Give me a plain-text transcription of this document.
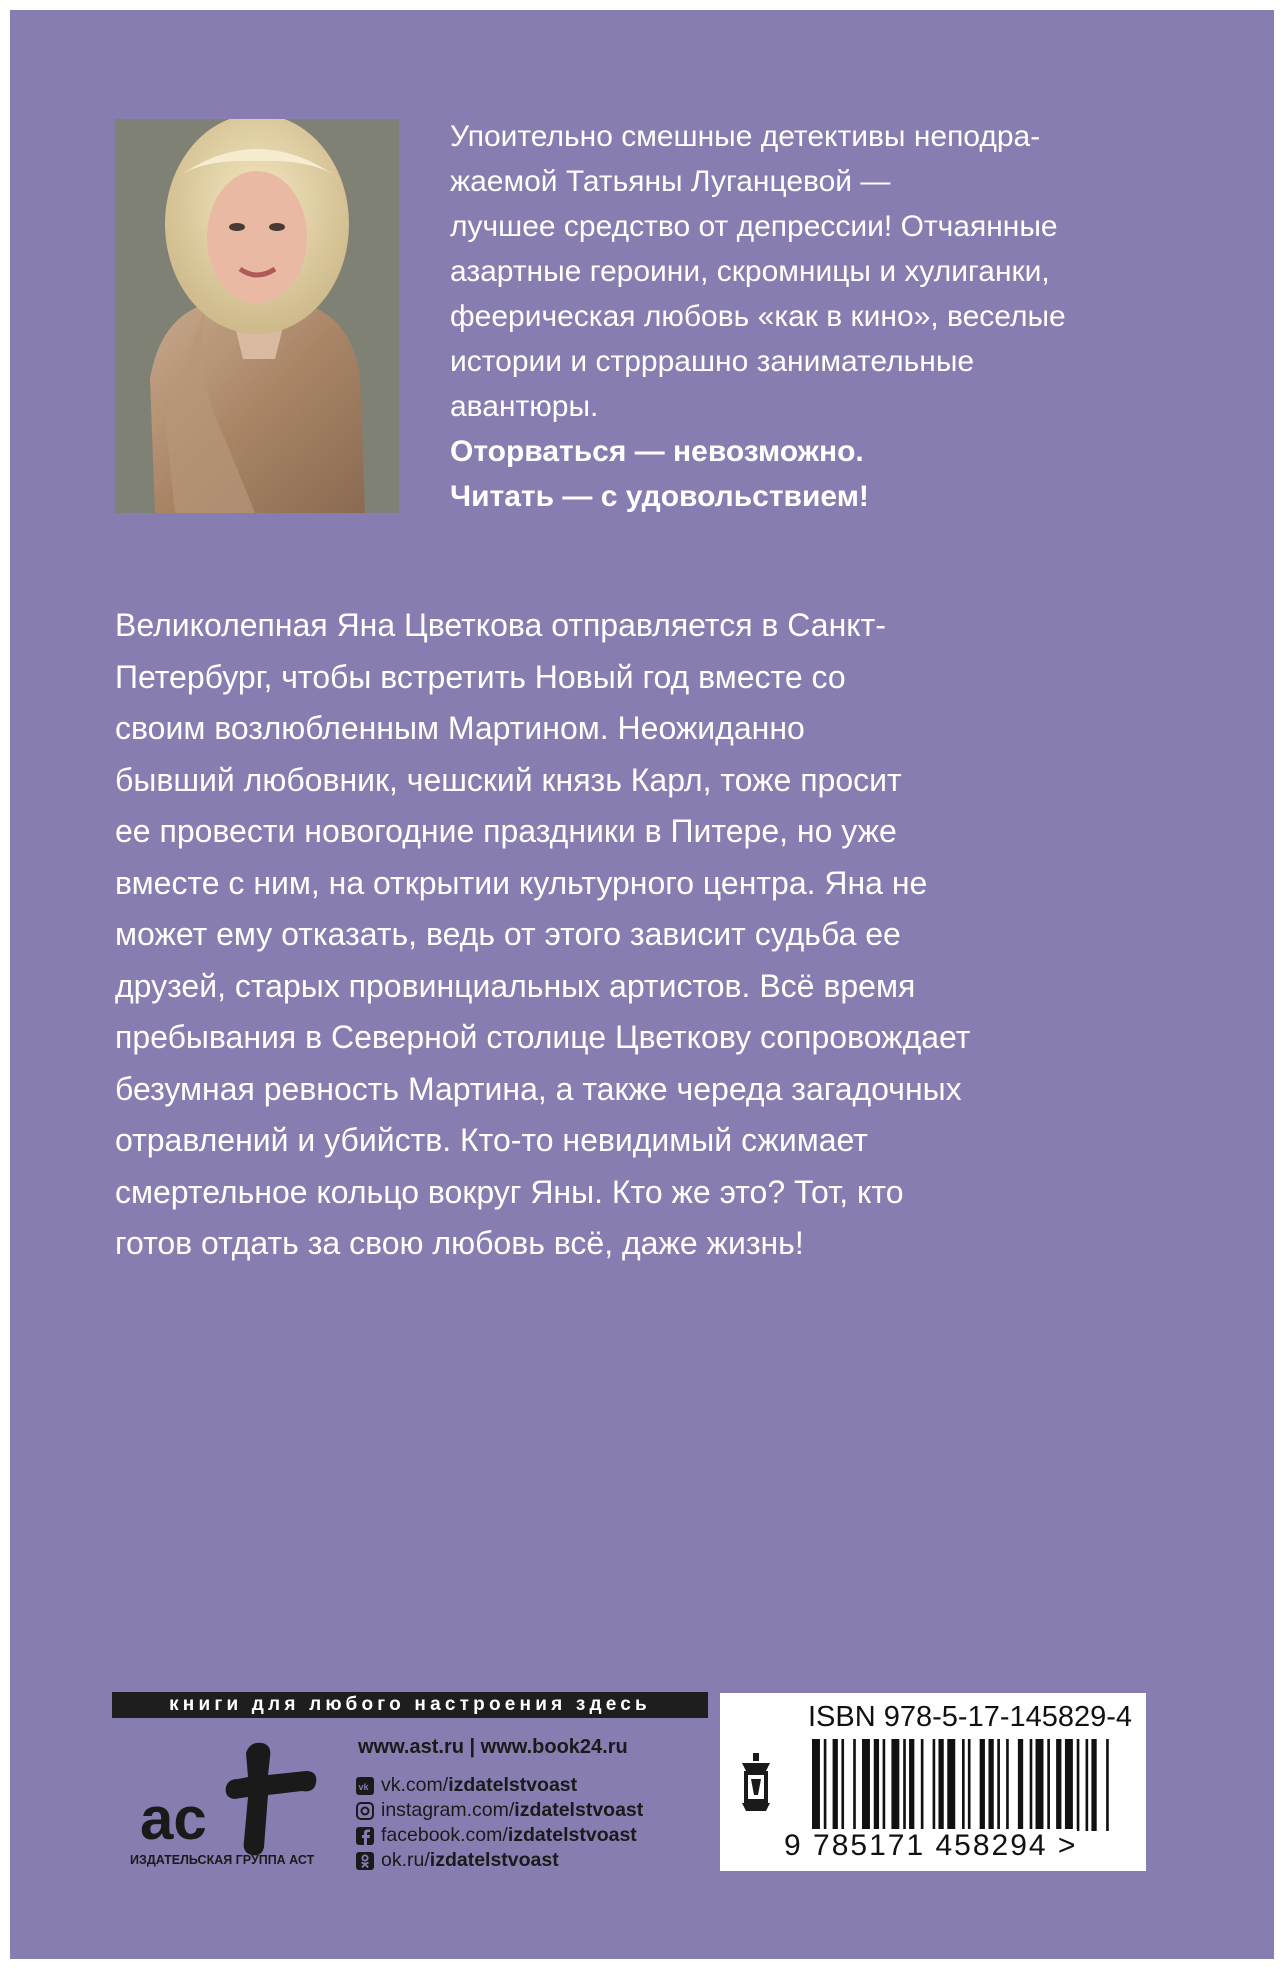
Упоительно смешные детективы неподра-
жаемой Татьяны Луганцевой —
лучшее средство от депрессии! Отчаянные
азартные героини, скромницы и хулиганки,
феерическая любовь «как в кино», веселые
истории и стрррашно занимательные
авантюры.
Оторваться — невозможно.
Читать — с удовольствием!
Великолепная Яна Цветкова отправляется в Санкт-
Петербург, чтобы встретить Новый год вместе со
своим возлюбленным Мартином. Неожиданно
бывший любовник, чешский князь Карл, тоже просит
ее провести новогодние праздники в Питере, но уже
вместе с ним, на открытии культурного центра. Яна не
может ему отказать, ведь от этого зависит судьба ее
друзей, старых провинциальных артистов. Всё время
пребывания в Северной столице Цветкову сопровождает
безумная ревность Мартина, а также череда загадочных
отравлений и убийств. Кто-то невидимый сжимает
смертельное кольцо вокруг Яны. Кто же это? Тот, кто
готов отдать за свою любовь всё, даже жизнь!
книги для любого настроения здесь
ac
ИЗДАТЕЛЬСКАЯ ГРУППА АСТ
www.ast.ru | www.book24.ru
vk vk.com/ izdatelstvoast
instagram.com/ izdatelstvoast
facebook.com/ izdatelstvoast
ok.ru/ izdatelstvoast
ISBN 978-5-17-145829-4
9 785171 458294 >
